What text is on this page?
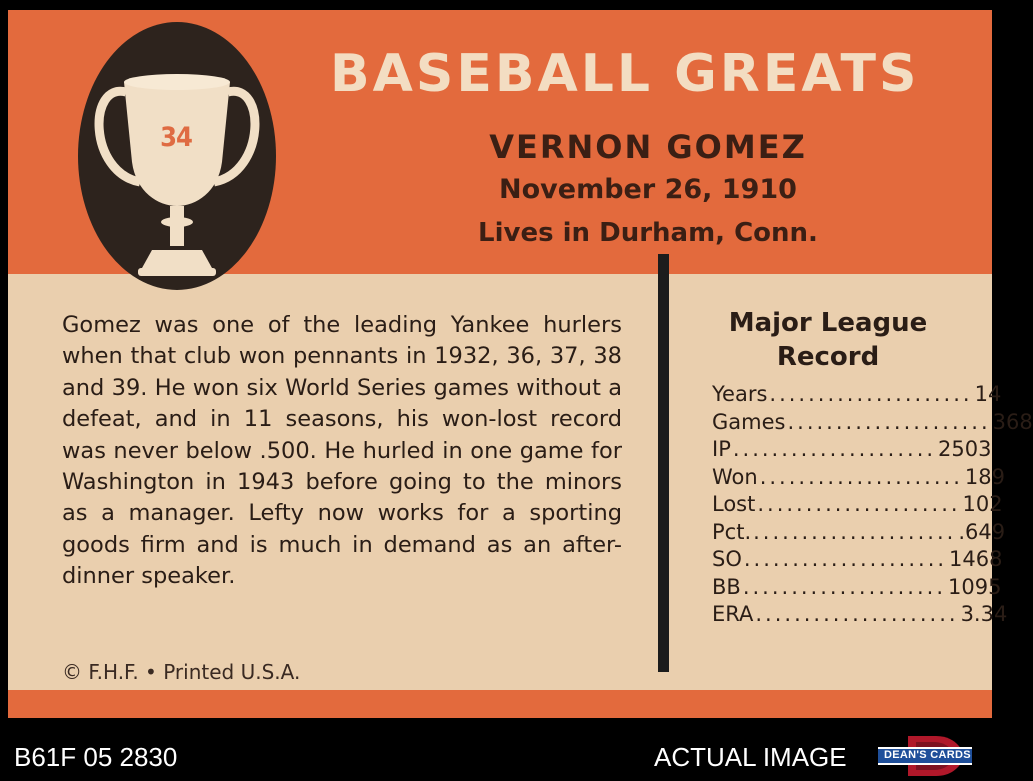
34
BASEBALL GREATS
VERNON GOMEZ
November 26, 1910
Lives in Durham, Conn.
Gomez was one of the leading Yankee hurlers when that club won pennants in 1932, 36, 37, 38 and 39. He won six World Series games without a defeat, and in 11 seasons, his won-lost record was never below .500. He hurled in one game for Washington in 1943 before going to the minors as a manager. Lefty now works for a sporting goods firm and is much in demand as an after-dinner speaker.
© F.H.F. • Printed U.S.A.
Major League Record
Years ..................... 14
Games ..................... 368
IP ..................... 2503
Won ..................... 189
Lost ..................... 102
Pct. ..................... .649
SO ..................... 1468
BB ..................... 1095
ERA ..................... 3.34
B61F 05 2830	ACTUAL IMAGE	DEAN'S CARDS
